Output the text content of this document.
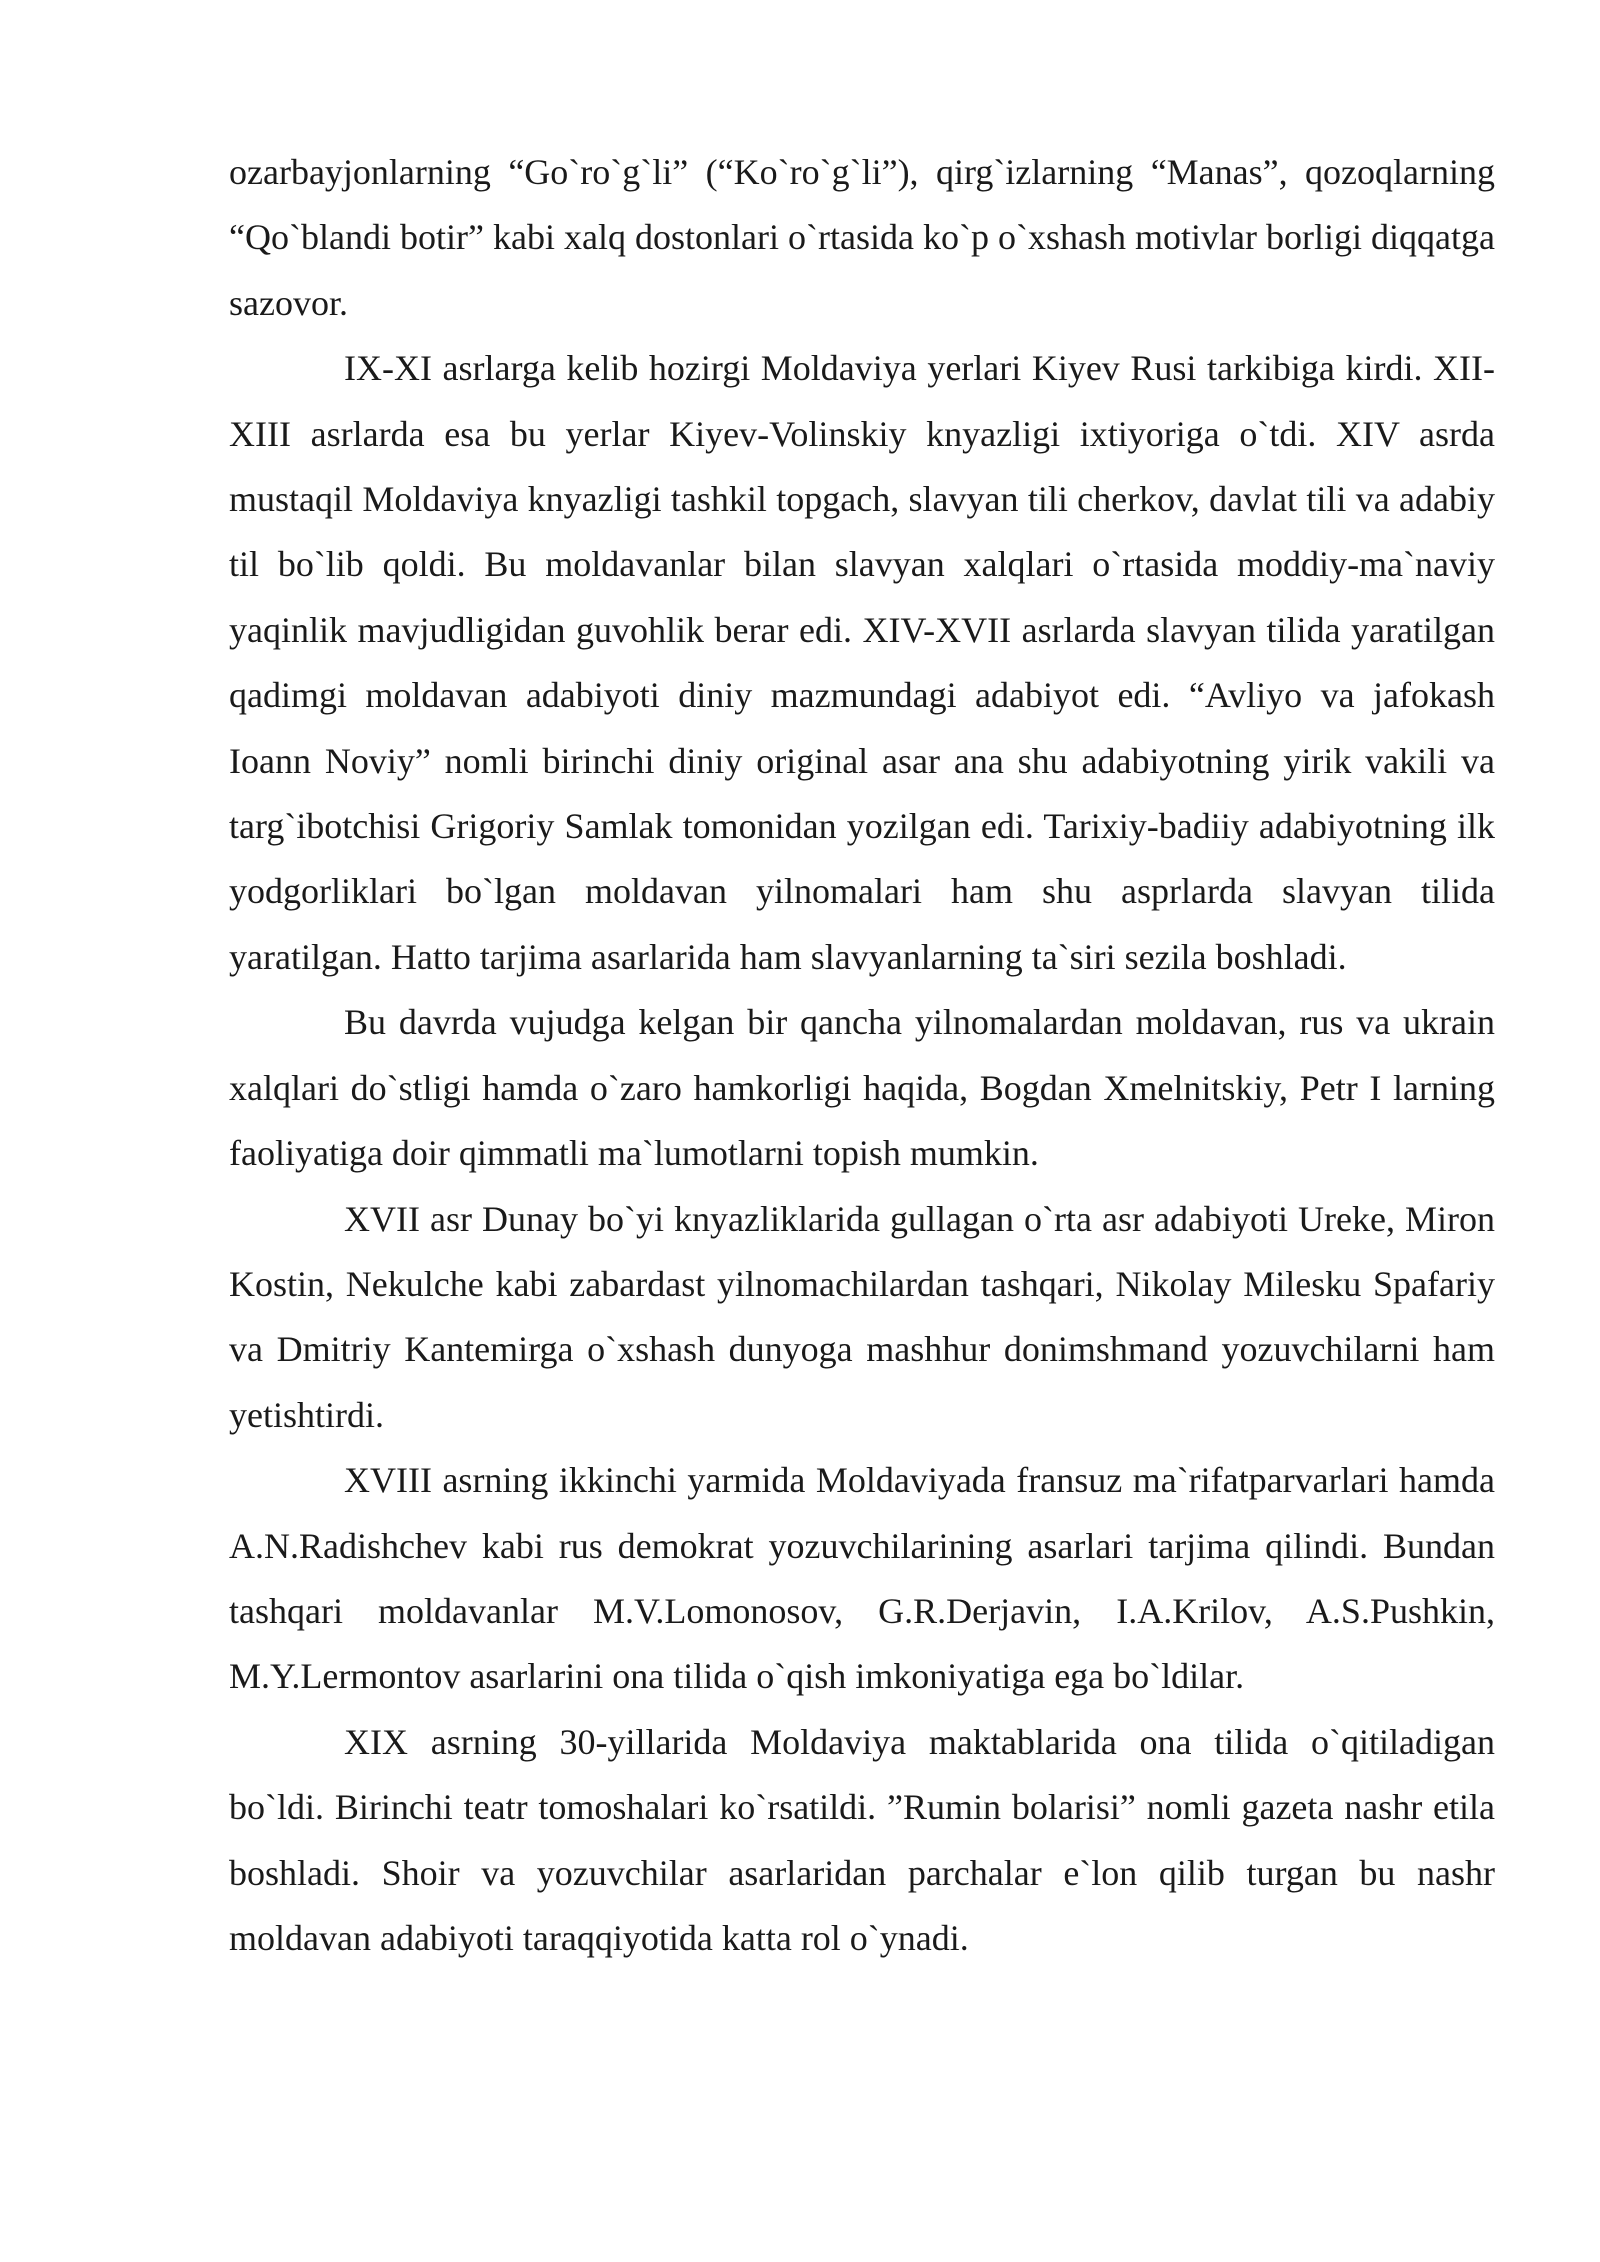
ozarbayjonlarning “Go`ro`g`li” (“Ko`ro`g`li”), qirg`izlarning “Manas”, qozoqlarning “Qo`blandi botir” kabi xalq dostonlari o`rtasida ko`p o`xshash motivlar borligi diqqatga sazovor.

IX-XI asrlarga kelib hozirgi Moldaviya yerlari Kiyev Rusi tarkibiga kirdi. XII-XIII asrlarda esa bu yerlar Kiyev-Volinskiy knyazligi ixtiyoriga o`tdi. XIV asrda mustaqil Moldaviya knyazligi tashkil topgach, slavyan tili cherkov, davlat tili va adabiy til bo`lib qoldi. Bu moldavanlar bilan slavyan xalqlari o`rtasida moddiy-ma`naviy yaqinlik mavjudligidan guvohlik berar edi. XIV-XVII asrlarda slavyan tilida yaratilgan qadimgi moldavan adabiyoti diniy mazmundagi adabiyot edi. “Avliyo va jafokash Ioann Noviy” nomli birinchi diniy original asar ana shu adabiyotning yirik vakili va targ`ibotchisi Grigoriy Samlak tomonidan yozilgan edi. Tarixiy-badiiy adabiyotning ilk yodgorliklari bo`lgan moldavan yilnomalari ham shu asprlarda slavyan tilida yaratilgan. Hatto tarjima asarlarida ham slavyanlarning ta`siri sezila boshladi.

Bu davrda vujudga kelgan bir qancha yilnomalardan moldavan, rus va ukrain xalqlari do`stligi hamda o`zaro hamkorligi haqida, Bogdan Xmelnitskiy, Petr I larning faoliyatiga doir qimmatli ma`lumotlarni topish mumkin.

XVII asr Dunay bo`yi knyazliklarida gullagan o`rta asr adabiyoti Ureke, Miron Kostin, Nekulche kabi zabardast yilnomachilardan tashqari, Nikolay Milesku Spafariy va Dmitriy Kantemirga o`xshash dunyoga mashhur donimshmand yozuvchilarni ham yetishtirdi.

XVIII asrning ikkinchi yarmida Moldaviyada fransuz ma`rifatparvarlari hamda A.N.Radishchev kabi rus demokrat yozuvchilarining asarlari tarjima qilindi. Bundan tashqari moldavanlar M.V.Lomonosov, G.R.Derjavin, I.A.Krilov, A.S.Pushkin, M.Y.Lermontov asarlarini ona tilida o`qish imkoniyatiga ega bo`ldilar.

XIX asrning 30-yillarida Moldaviya maktablarida ona tilida o`qitiladigan bo`ldi. Birinchi teatr tomoshalari ko`rsatildi. ”Rumin bolarisi” nomli gazeta nashr etila boshladi. Shoir va yozuvchilar asarlaridan parchalar e`lon qilib turgan bu nashr moldavan adabiyoti taraqqiyotida katta rol o`ynadi.
